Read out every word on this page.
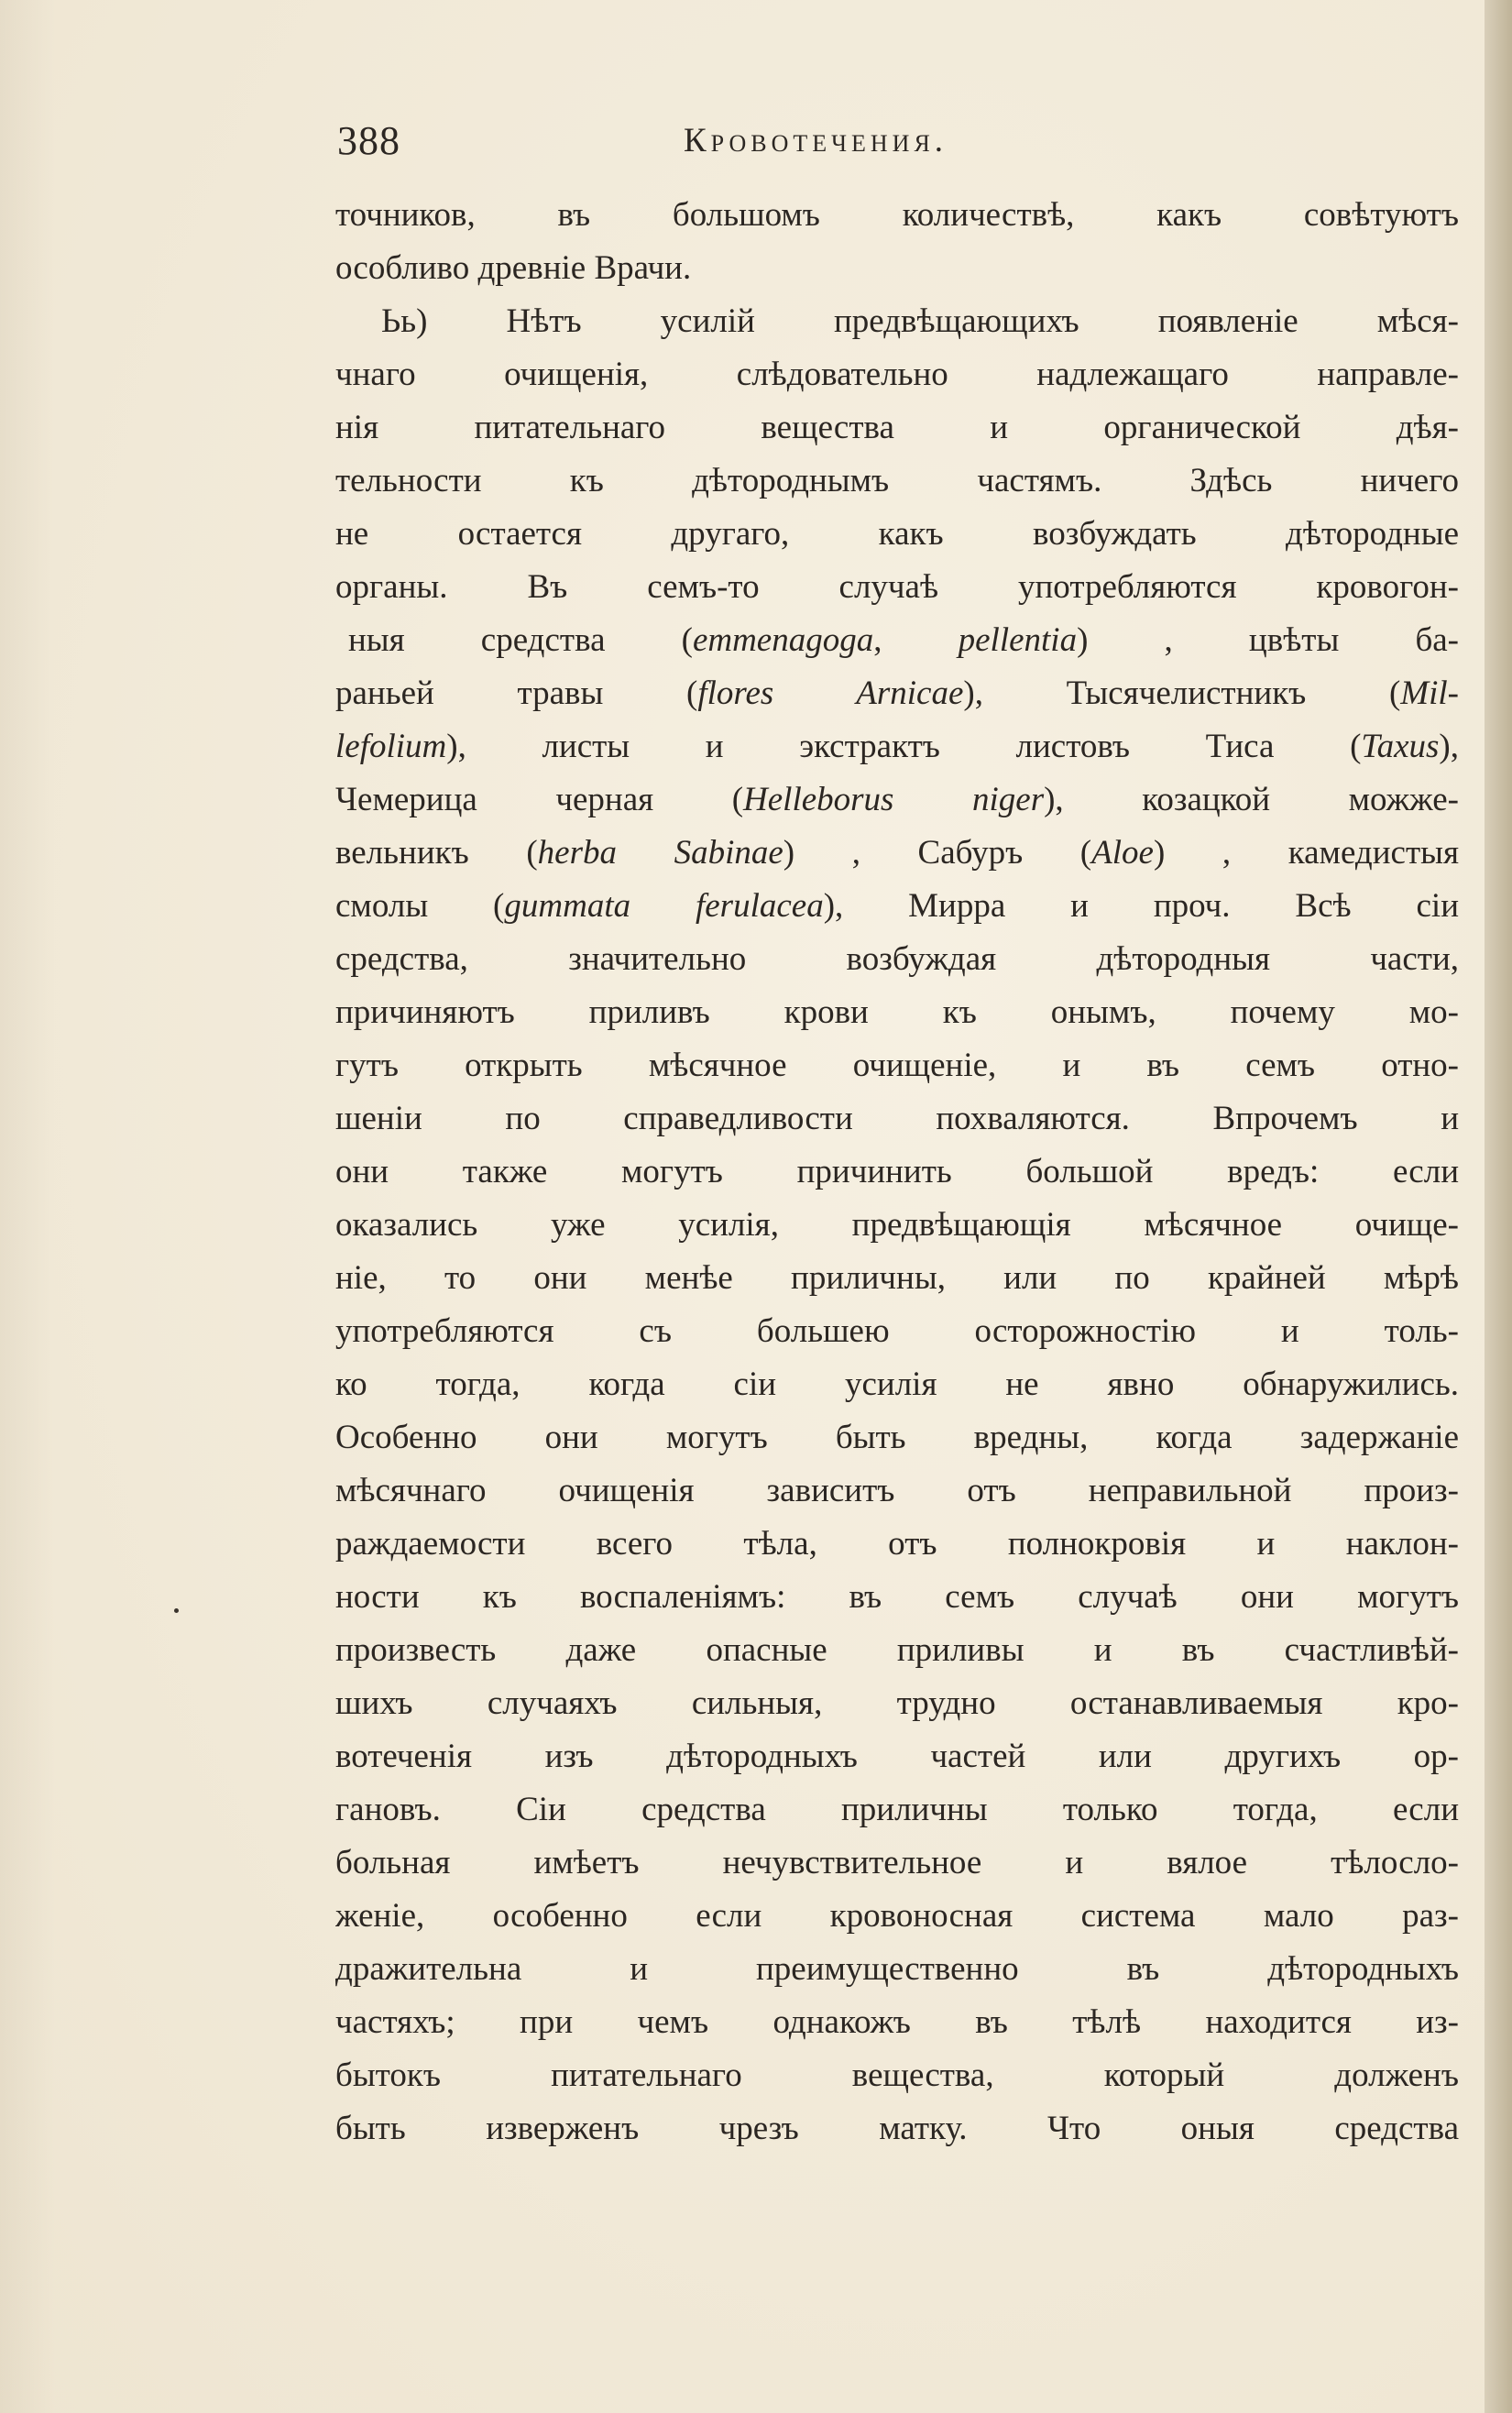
388	Кровотечения.
точников, въ большомъ количествѣ, какъ совѣтуютъ
особливо древніе Врачи.
Ьь) Нѣтъ усилій предвѣщающихъ появленіе мѣся-
чнаго очищенія, слѣдовательно надлежащаго направле-
нія питательнаго вещества и органической дѣя-
тельности къ дѣтороднымъ частямъ. Здѣсь ничего
не остается другаго, какъ возбуждать дѣтородные
органы. Въ семъ-то случаѣ употребляются кровогон-
ныя средства (emmenagoga, pellentia) , цвѣты ба-
раньей травы (flores Arnicae), Тысячелистникъ (Mil-
lefolium), листы и экстрактъ листовъ Тиса (Taxus),
Чемерица черная (Helleborus niger), козацкой можже-
вельникъ (herba Sabinae) , Сабуръ (Aloe) , камедистыя
смолы (gummata ferulacea), Мирра и проч. Всѣ сіи
средства, значительно возбуждая дѣтородныя части,
причиняютъ приливъ крови къ онымъ, почему мо-
гутъ открыть мѣсячное очищеніе, и въ семъ отно-
шеніи по справедливости похваляются. Впрочемъ и
они также могутъ причинить большой вредъ: если
оказались уже усилія, предвѣщающія мѣсячное очище-
ніе, то они менѣе приличны, или по крайней мѣрѣ
употребляются съ большею осторожностію и толь-
ко тогда, когда сіи усилія не явно обнаружились.
Особенно они могутъ быть вредны, когда задержаніе
мѣсячнаго очищенія зависитъ отъ неправильной произ-
раждаемости всего тѣла, отъ полнокровія и наклон-
ности къ воспаленіямъ: въ семъ случаѣ они могутъ
произвесть даже опасные приливы и въ счастливѣй-
шихъ случаяхъ сильныя, трудно останавливаемыя кро-
вотеченія изъ дѣтородныхъ частей или другихъ ор-
гановъ. Сіи средства приличны только тогда, если
больная имѣетъ нечувствительное и вялое тѣлосло-
женіе, особенно если кровоносная система мало раз-
дражительна и преимущественно въ дѣтородныхъ
частяхъ; при чемъ однакожъ въ тѣлѣ находится из-
бытокъ питательнаго вещества, который долженъ
быть изверженъ чрезъ матку. Что оныя средства
